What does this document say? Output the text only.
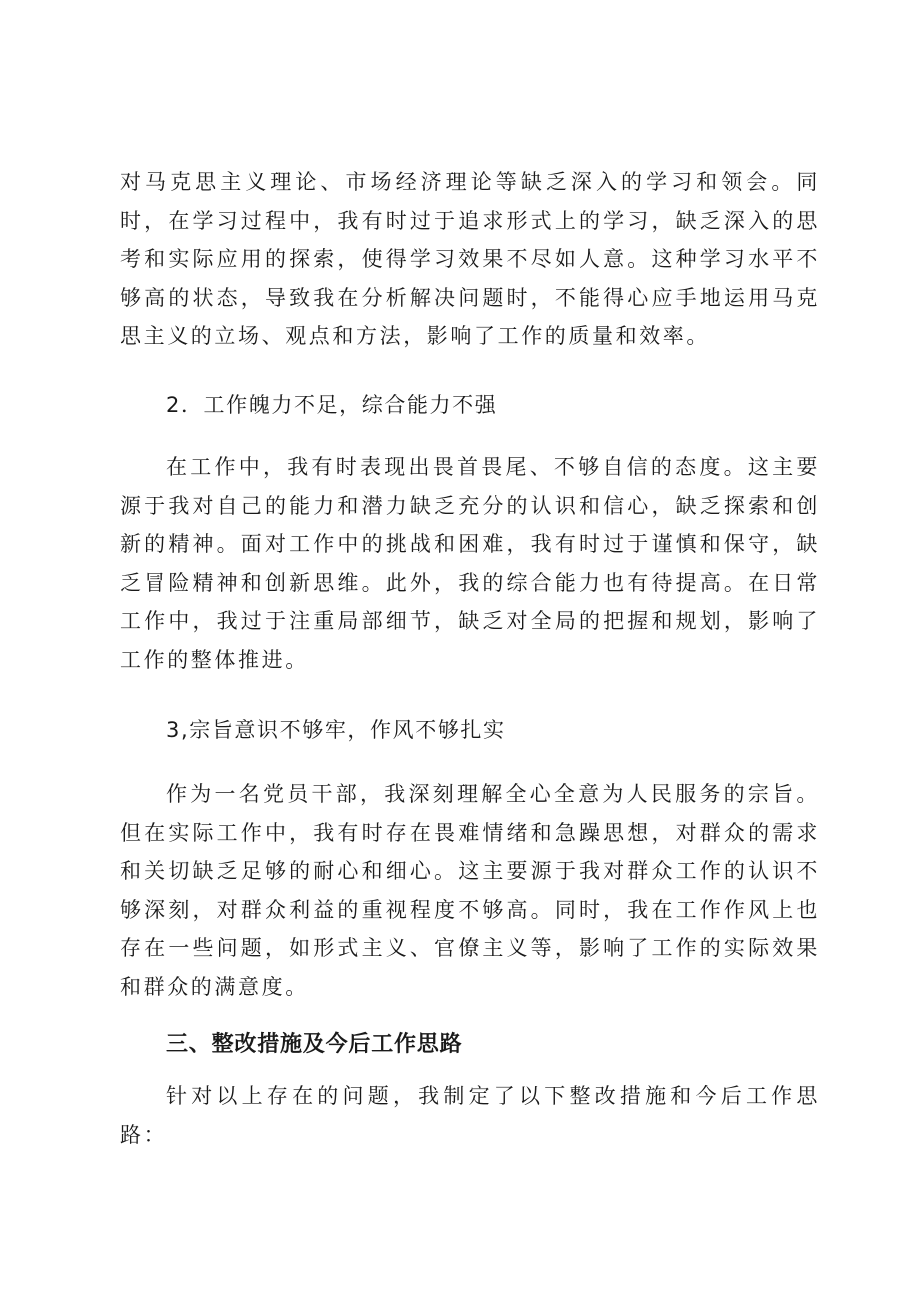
对马克思主义理论、市场经济理论等缺乏深入的学习和领会。同时，在学习过程中，我有时过于追求形式上的学习，缺乏深入的思考和实际应用的探索，使得学习效果不尽如人意。这种学习水平不够高的状态，导致我在分析解决问题时，不能得心应手地运用马克思主义的立场、观点和方法，影响了工作的质量和效率。

2．工作魄力不足，综合能力不强

在工作中，我有时表现出畏首畏尾、不够自信的态度。这主要源于我对自己的能力和潜力缺乏充分的认识和信心，缺乏探索和创新的精神。面对工作中的挑战和困难，我有时过于谨慎和保守，缺乏冒险精神和创新思维。此外，我的综合能力也有待提高。在日常工作中，我过于注重局部细节，缺乏对全局的把握和规划，影响了工作的整体推进。

3,宗旨意识不够牢，作风不够扎实

作为一名党员干部，我深刻理解全心全意为人民服务的宗旨。但在实际工作中，我有时存在畏难情绪和急躁思想，对群众的需求和关切缺乏足够的耐心和细心。这主要源于我对群众工作的认识不够深刻，对群众利益的重视程度不够高。同时，我在工作作风上也存在一些问题，如形式主义、官僚主义等，影响了工作的实际效果和群众的满意度。

三、整改措施及今后工作思路

针对以上存在的问题，我制定了以下整改措施和今后工作思路：
